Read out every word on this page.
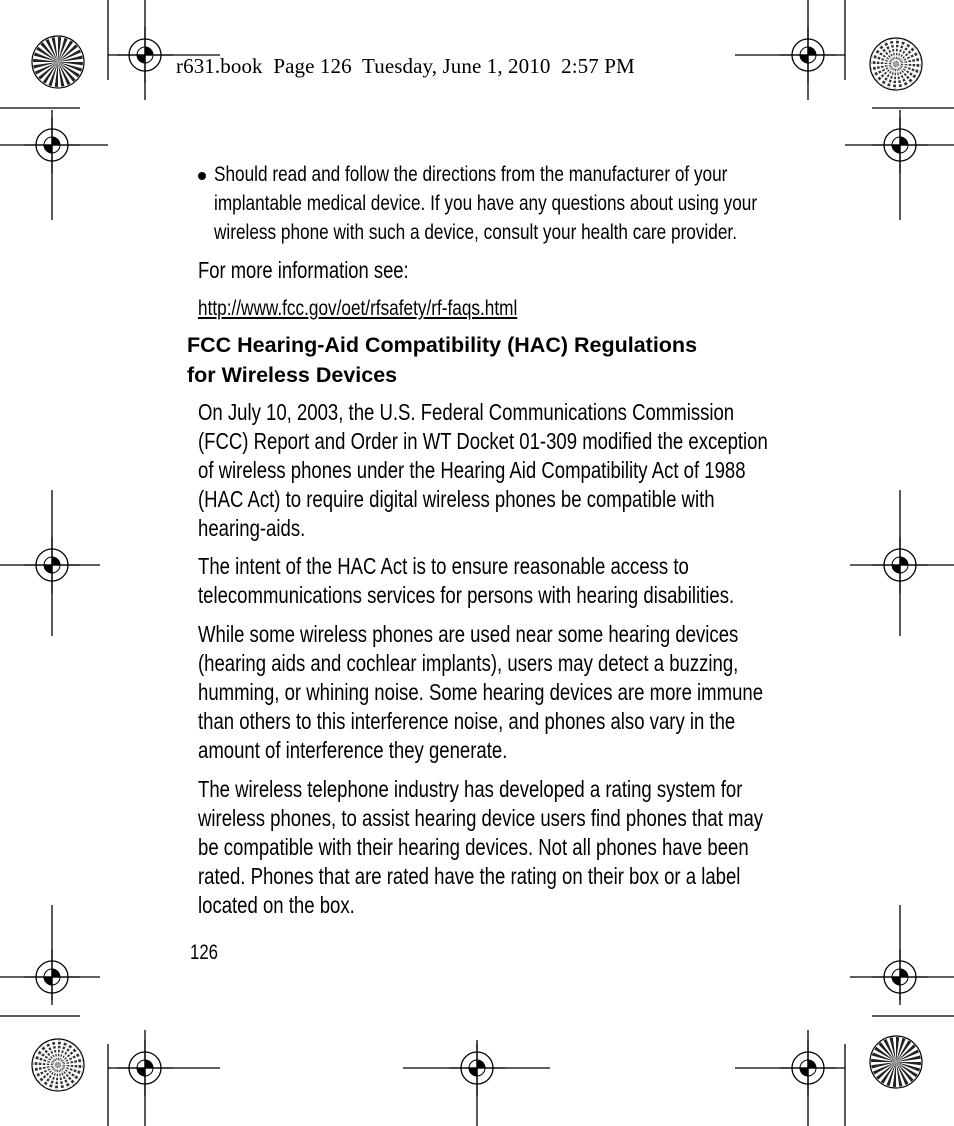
r631.book  Page 126  Tuesday, June 1, 2010  2:57 PM
Should read and follow the directions from the manufacturer of your
implantable medical device. If you have any questions about using your
wireless phone with such a device, consult your health care provider.
For more information see:
http://www.fcc.gov/oet/rfsafety/rf-faqs.html
FCC Hearing-Aid Compatibility (HAC) Regulations
for Wireless Devices
On July 10, 2003, the U.S. Federal Communications Commission
(FCC) Report and Order in WT Docket 01-309 modified the exception
of wireless phones under the Hearing Aid Compatibility Act of 1988
(HAC Act) to require digital wireless phones be compatible with
hearing-aids.
The intent of the HAC Act is to ensure reasonable access to
telecommunications services for persons with hearing disabilities.
While some wireless phones are used near some hearing devices
(hearing aids and cochlear implants), users may detect a buzzing,
humming, or whining noise. Some hearing devices are more immune
than others to this interference noise, and phones also vary in the
amount of interference they generate.
The wireless telephone industry has developed a rating system for
wireless phones, to assist hearing device users find phones that may
be compatible with their hearing devices. Not all phones have been
rated. Phones that are rated have the rating on their box or a label
located on the box.
126
